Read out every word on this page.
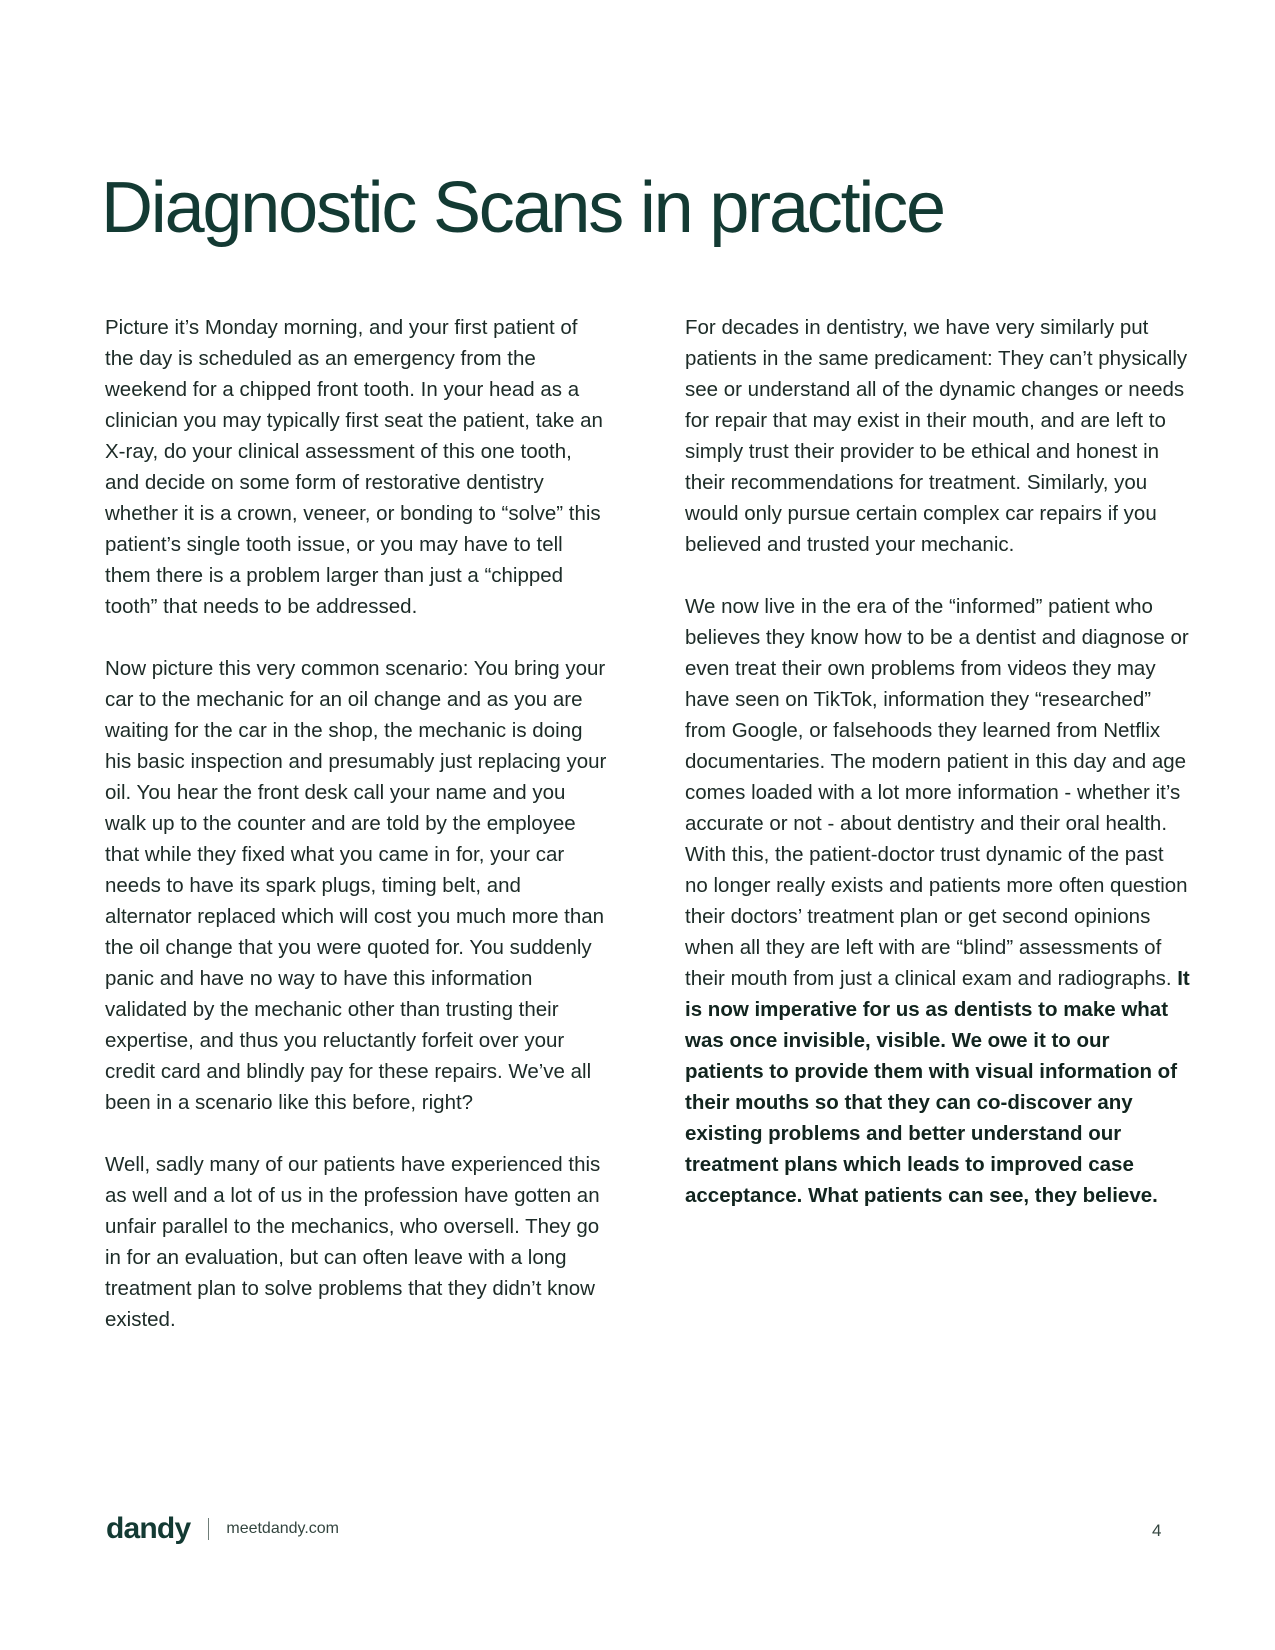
Diagnostic Scans in practice

Picture it’s Monday morning, and your first patient of the day is scheduled as an emergency from the weekend for a chipped front tooth. In your head as a clinician you may typically first seat the patient, take an X-ray, do your clinical assessment of this one tooth, and decide on some form of restorative dentistry whether it is a crown, veneer, or bonding to “solve” this patient’s single tooth issue, or you may have to tell them there is a problem larger than just a “chipped tooth” that needs to be addressed.

Now picture this very common scenario: You bring your car to the mechanic for an oil change and as you are waiting for the car in the shop, the mechanic is doing his basic inspection and presumably just replacing your oil. You hear the front desk call your name and you walk up to the counter and are told by the employee that while they fixed what you came in for, your car needs to have its spark plugs, timing belt, and alternator replaced which will cost you much more than the oil change that you were quoted for. You suddenly panic and have no way to have this information validated by the mechanic other than trusting their expertise, and thus you reluctantly forfeit over your credit card and blindly pay for these repairs. We’ve all been in a scenario like this before, right?

Well, sadly many of our patients have experienced this as well and a lot of us in the profession have gotten an unfair parallel to the mechanics, who oversell. They go in for an evaluation, but can often leave with a long treatment plan to solve problems that they didn’t know existed.

For decades in dentistry, we have very similarly put patients in the same predicament: They can’t physically see or understand all of the dynamic changes or needs for repair that may exist in their mouth, and are left to simply trust their provider to be ethical and honest in their recommendations for treatment. Similarly, you would only pursue certain complex car repairs if you believed and trusted your mechanic.

We now live in the era of the “informed” patient who believes they know how to be a dentist and diagnose or even treat their own problems from videos they may have seen on TikTok, information they “researched” from Google, or falsehoods they learned from Netflix documentaries. The modern patient in this day and age comes loaded with a lot more information - whether it’s accurate or not - about dentistry and their oral health. With this, the patient-doctor trust dynamic of the past no longer really exists and patients more often question their doctors’ treatment plan or get second opinions when all they are left with are “blind” assessments of their mouth from just a clinical exam and radiographs. It is now imperative for us as dentists to make what was once invisible, visible. We owe it to our patients to provide them with visual information of their mouths so that they can co-discover any existing problems and better understand our treatment plans which leads to improved case acceptance. What patients can see, they believe.

dandy meetdandy.com	4
